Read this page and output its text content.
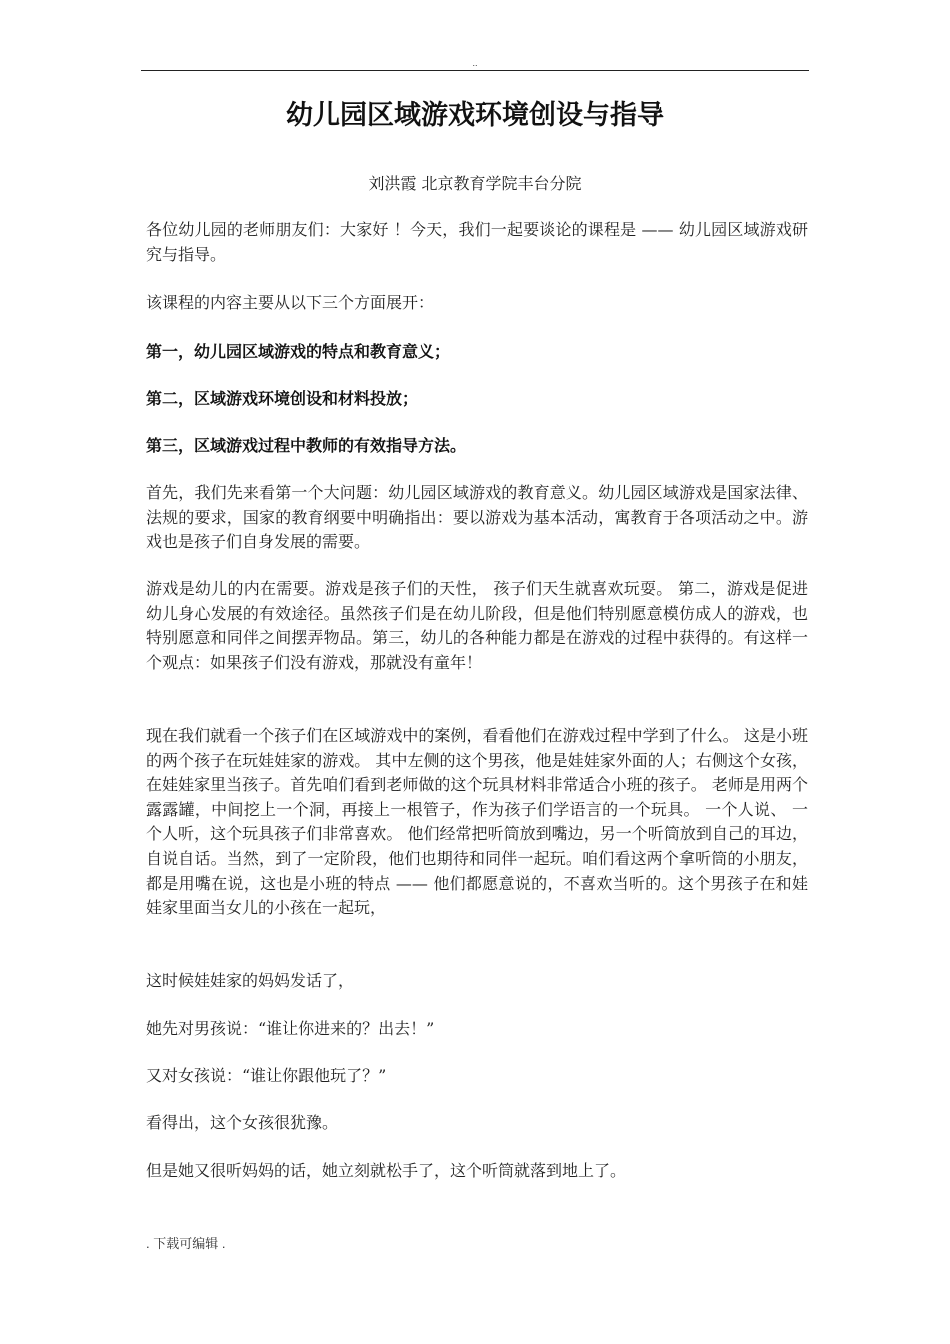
..
幼儿园区域游戏环境创设与指导

刘洪霞 北京教育学院丰台分院

各位幼儿园的老师朋友们：大家好 ！今天，我们一起要谈论的课程是 —— 幼儿园区域游戏研究与指导。

该课程的内容主要从以下三个方面展开：

第一，幼儿园区域游戏的特点和教育意义；

第二，区域游戏环境创设和材料投放；

第三，区域游戏过程中教师的有效指导方法。

首先，我们先来看第一个大问题：幼儿园区域游戏的教育意义。幼儿园区域游戏是国家法律、法规的要求，国家的教育纲要中明确指出：要以游戏为基本活动，寓教育于各项活动之中。游戏也是孩子们自身发展的需要。

游戏是幼儿的内在需要。游戏是孩子们的天性， 孩子们天生就喜欢玩耍。 第二，游戏是促进幼儿身心发展的有效途径。虽然孩子们是在幼儿阶段，但是他们特别愿意模仿成人的游戏，也特别愿意和同伴之间摆弄物品。第三，幼儿的各种能力都是在游戏的过程中获得的。有这样一个观点：如果孩子们没有游戏，那就没有童年！

现在我们就看一个孩子们在区域游戏中的案例，看看他们在游戏过程中学到了什么。 这是小班的两个孩子在玩娃娃家的游戏。 其中左侧的这个男孩，他是娃娃家外面的人；右侧这个女孩，在娃娃家里当孩子。首先咱们看到老师做的这个玩具材料非常适合小班的孩子。 老师是用两个露露罐，中间挖上一个洞，再接上一根管子，作为孩子们学语言的一个玩具。 一个人说、 一个人听，这个玩具孩子们非常喜欢。 他们经常把听筒放到嘴边，另一个听筒放到自己的耳边，自说自话。当然，到了一定阶段，他们也期待和同伴一起玩。咱们看这两个拿听筒的小朋友，都是用嘴在说，这也是小班的特点 —— 他们都愿意说的，不喜欢当听的。这个男孩子在和娃娃家里面当女儿的小孩在一起玩，

这时候娃娃家的妈妈发话了，

她先对男孩说：“谁让你进来的？出去！”

又对女孩说：“谁让你跟他玩了？”

看得出，这个女孩很犹豫。

但是她又很听妈妈的话，她立刻就松手了，这个听筒就落到地上了。

. 下载可编辑 .
